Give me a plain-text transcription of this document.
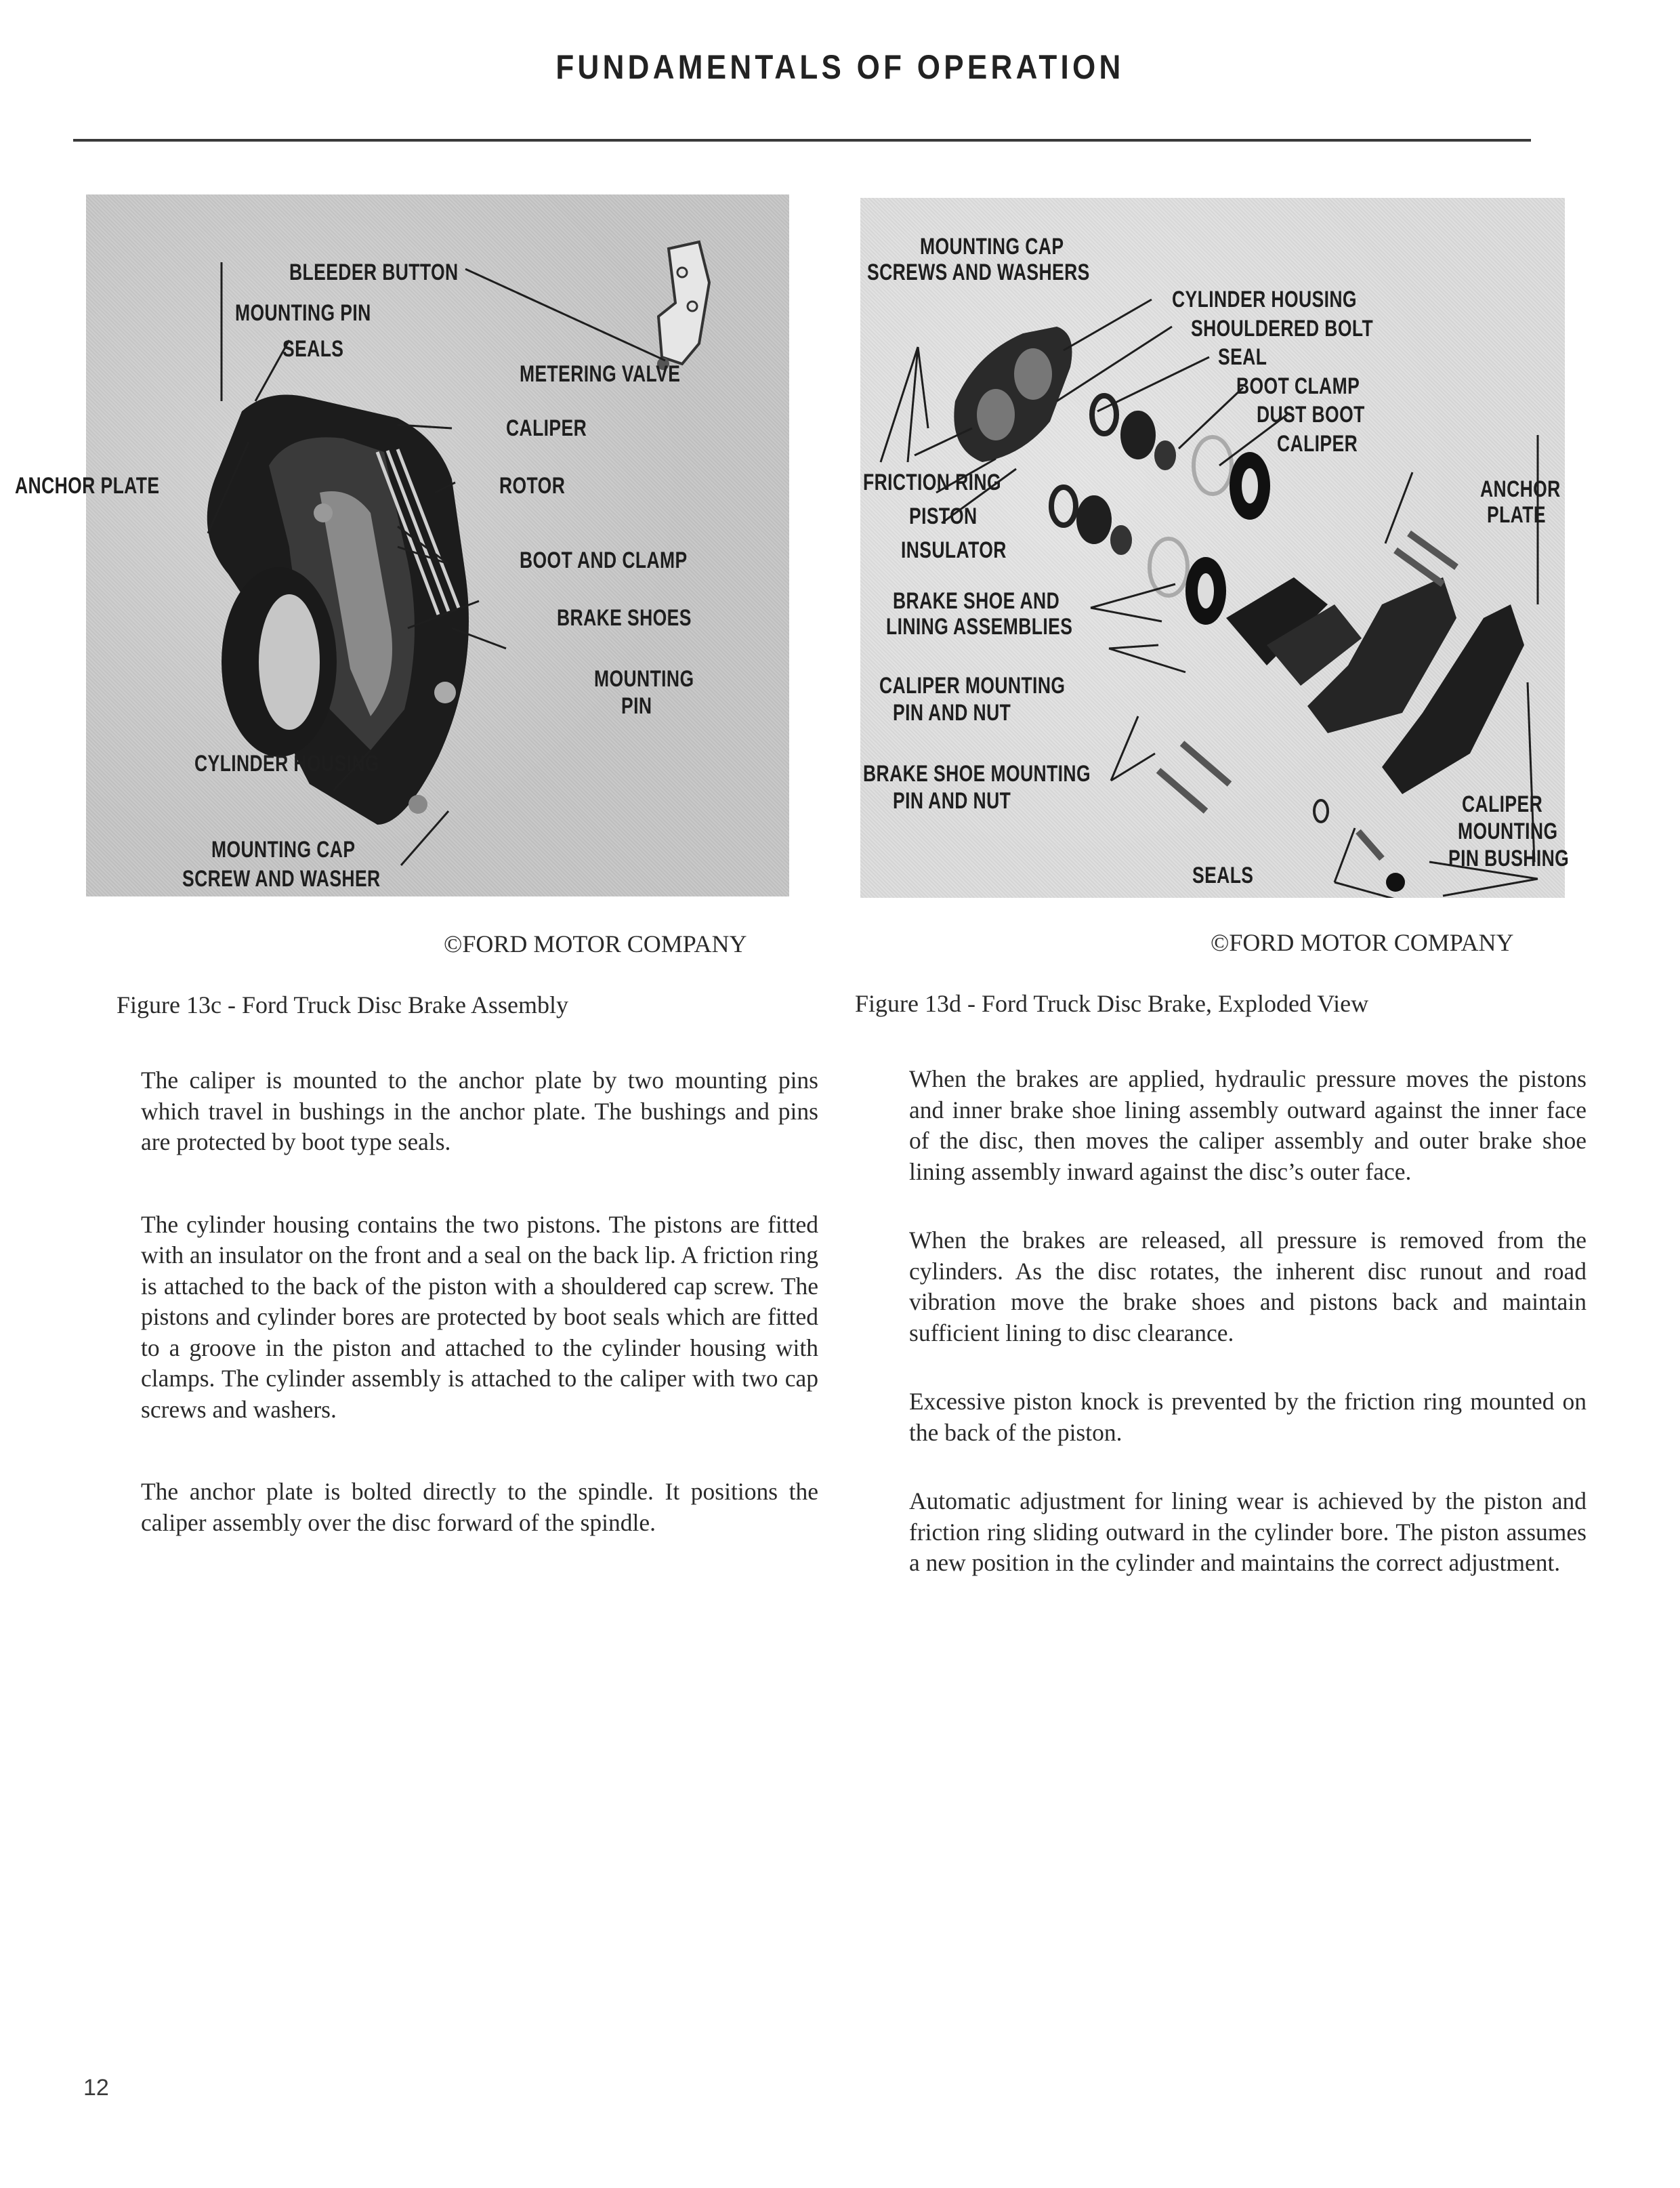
FUNDAMENTALS OF OPERATION
BLEEDER BUTTON
MOUNTING PIN
SEALS
METERING VALVE
CALIPER
ANCHOR PLATE	ROTOR
BOOT AND CLAMP
BRAKE SHOES
MOUNTING
PIN
CYLINDER HOUSING
MOUNTING CAP
SCREW AND WASHER
MOUNTING CAP
SCREWS AND WASHERS
CYLINDER HOUSING
SHOULDERED BOLT
SEAL
BOOT CLAMP
DUST BOOT
CALIPER
FRICTION RING	ANCHOR
PLATE
PISTON
INSULATOR
BRAKE SHOE AND
LINING ASSEMBLIES
CALIPER MOUNTING
PIN AND NUT
BRAKE SHOE MOUNTING
PIN AND NUT	CALIPER
MOUNTING
PIN BUSHING
SEALS
©FORD MOTOR COMPANY	©FORD MOTOR COMPANY
Figure 13c - Ford Truck Disc Brake Assembly	Figure 13d - Ford Truck Disc Brake, Exploded View

The caliper is mounted to the anchor plate by two mounting pins which travel in bushings in the anchor plate. The bushings and pins are protected by boot type seals.

The cylinder housing contains the two pistons. The pistons are fitted with an insulator on the front and a seal on the back lip. A friction ring is attached to the back of the piston with a shouldered cap screw. The pistons and cylinder bores are protected by boot seals which are fitted to a groove in the piston and attached to the cylinder housing with clamps. The cylinder assembly is attached to the caliper with two cap screws and washers.

The anchor plate is bolted directly to the spindle. It positions the caliper assembly over the disc forward of the spindle.

When the brakes are applied, hydraulic pressure moves the pistons and inner brake shoe lining assembly outward against the inner face of the disc, then moves the caliper assembly and outer brake shoe lining assembly inward against the disc’s outer face.

When the brakes are released, all pressure is removed from the cylinders. As the disc rotates, the inherent disc runout and road vibration move the brake shoes and pistons back and maintain sufficient lining to disc clearance.

Excessive piston knock is prevented by the friction ring mounted on the back of the piston.

Automatic adjustment for lining wear is achieved by the piston and friction ring sliding outward in the cylinder bore. The piston assumes a new position in the cylinder and maintains the correct adjustment.

12
